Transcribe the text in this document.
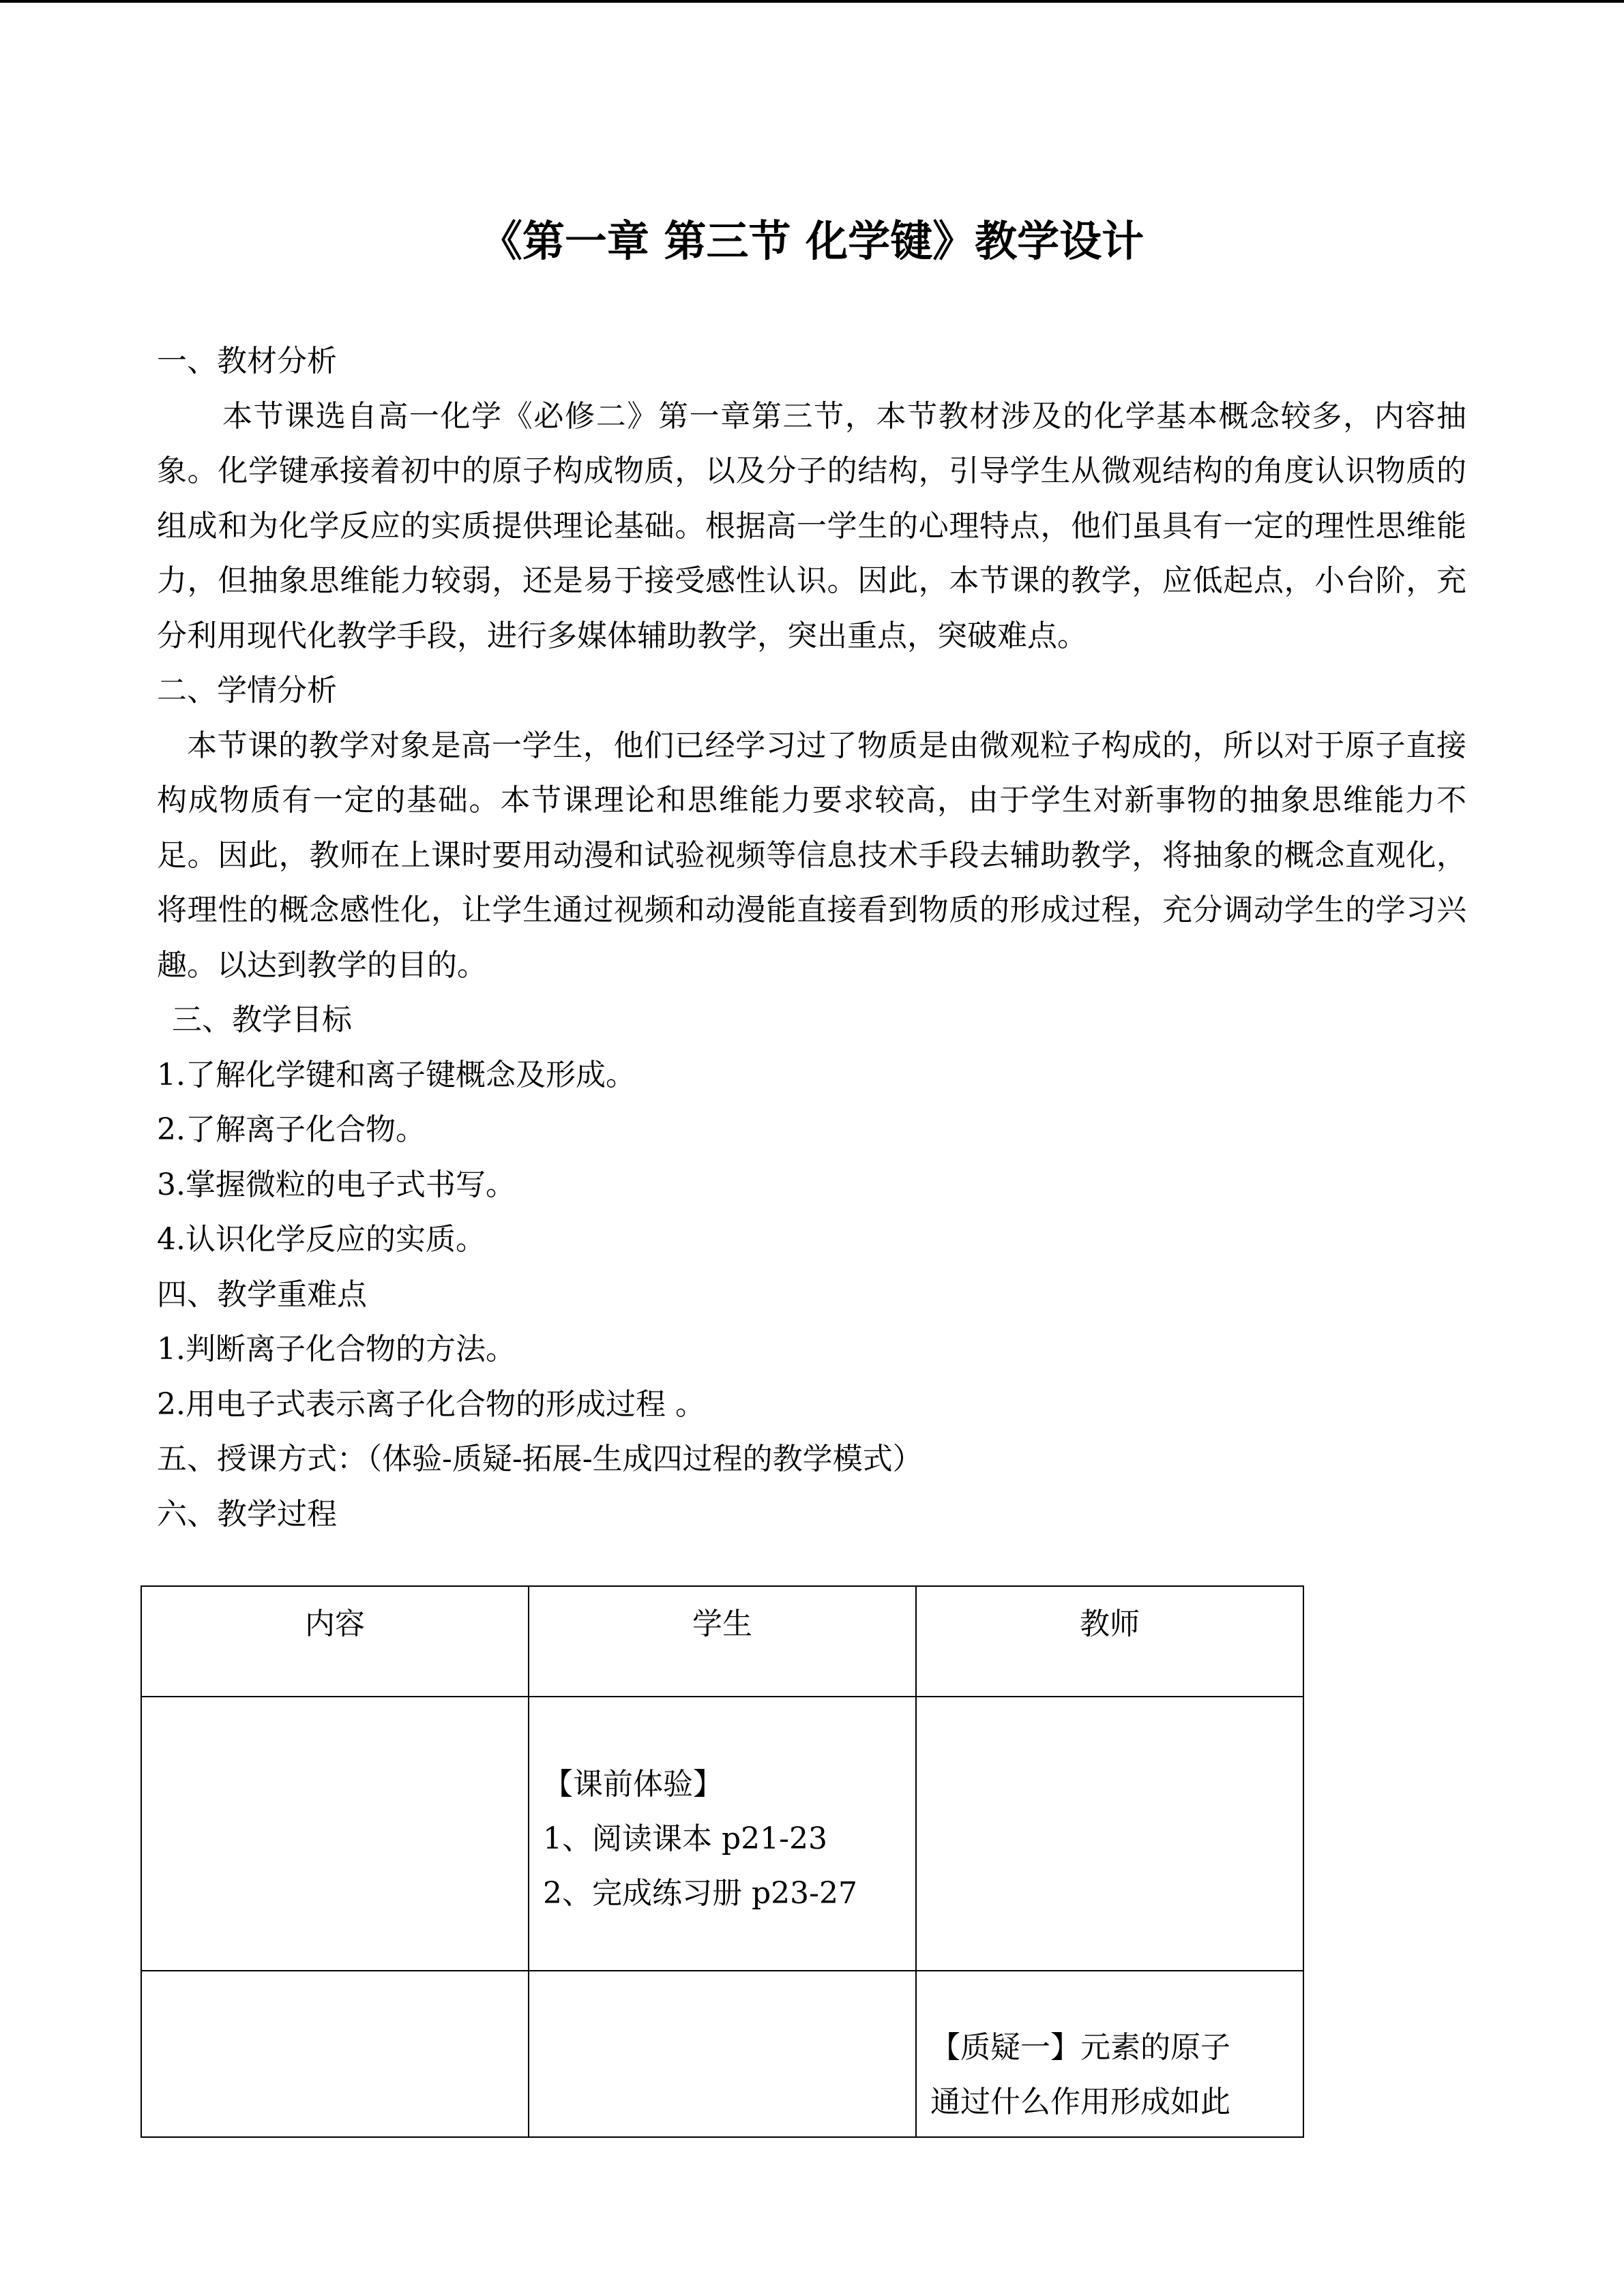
《第一章 第三节 化学键》教学设计

一、教材分析

本节课选自高一化学《必修二》第一章第三节，本节教材涉及的化学基本概念较多，内容抽象。化学键承接着初中的原子构成物质，以及分子的结构，引导学生从微观结构的角度认识物质的组成和为化学反应的实质提供理论基础。根据高一学生的心理特点，他们虽具有一定的理性思维能力，但抽象思维能力较弱，还是易于接受感性认识。因此，本节课的教学，应低起点，小台阶，充分利用现代化教学手段，进行多媒体辅助教学，突出重点，突破难点。

二、学情分析

本节课的教学对象是高一学生，他们已经学习过了物质是由微观粒子构成的，所以对于原子直接构成物质有一定的基础。本节课理论和思维能力要求较高，由于学生对新事物的抽象思维能力不足。因此，教师在上课时要用动漫和试验视频等信息技术手段去辅助教学，将抽象的概念直观化，将理性的概念感性化，让学生通过视频和动漫能直接看到物质的形成过程，充分调动学生的学习兴趣。以达到教学的目的。

三、教学目标

1.了解化学键和离子键概念及形成。

2.了解离子化合物。

3.掌握微粒的电子式书写。

4.认识化学反应的实质。

四、教学重难点

1.判断离子化合物的方法。

2.用电子式表示离子化合物的形成过程 。

五、授课方式：（体验-质疑-拓展-生成四过程的教学模式）

六、教学过程

内容	学生	教师

	【课前体验】

1、阅读课本 p21-23

2、完成练习册 p23-27	

		【质疑一】元素的原子

通过什么作用形成如此
